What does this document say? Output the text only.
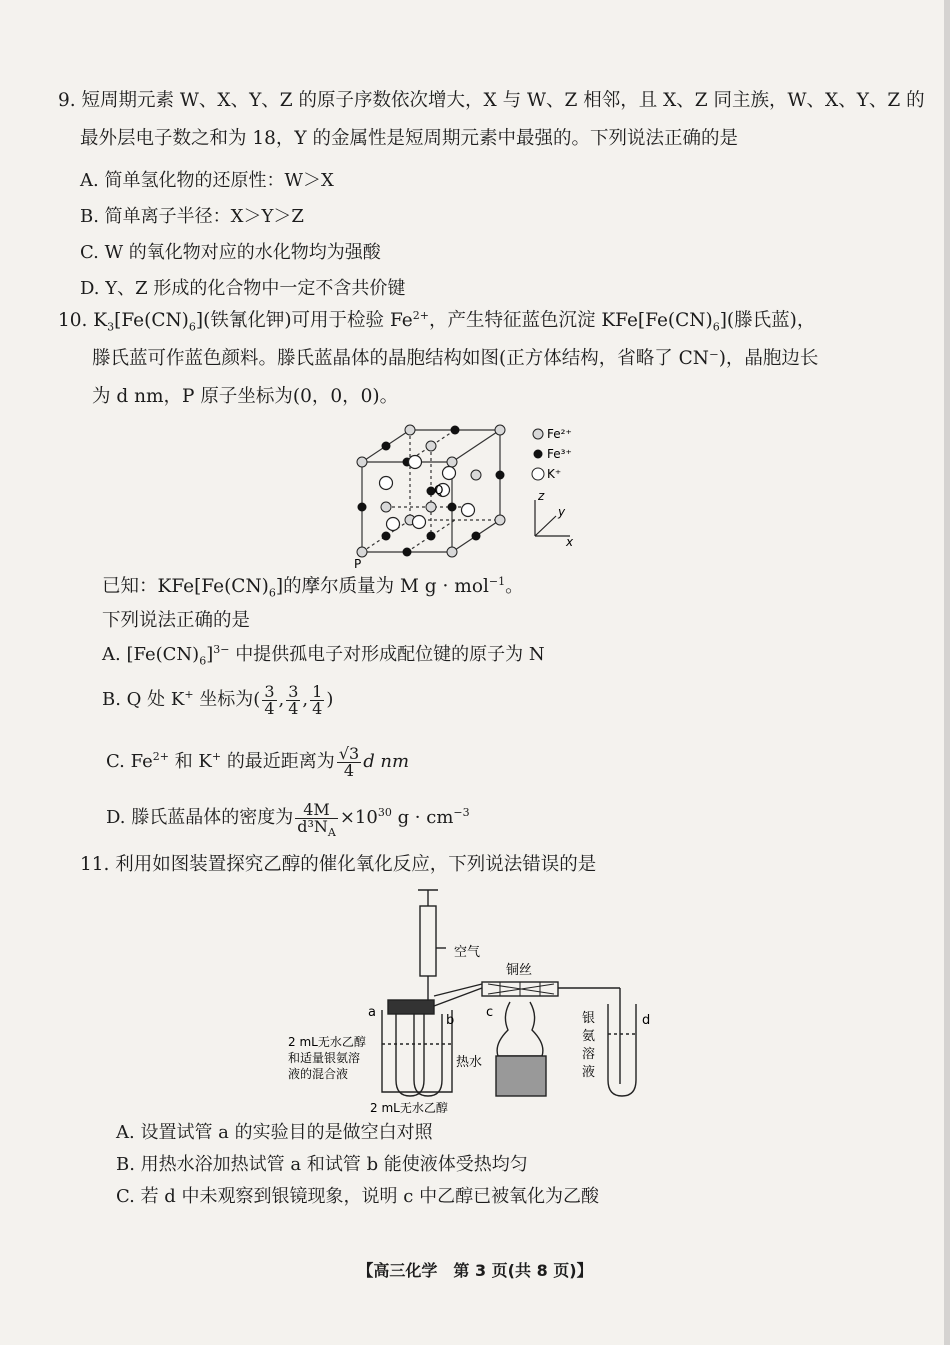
9. 短周期元素 W、X、Y、Z 的原子序数依次增大，X 与 W、Z 相邻，且 X、Z 同主族，W、X、Y、Z 的
最外层电子数之和为 18，Y 的金属性是短周期元素中最强的。下列说法正确的是
A. 简单氢化物的还原性：W＞X
B. 简单离子半径：X＞Y＞Z
C. W 的氧化物对应的水化物均为强酸
D. Y、Z 形成的化合物中一定不含共价键
10. $K_3[Fe(CN)_6]$(铁氰化钾)可用于检验 $Fe^{2+}$，产生特征蓝色沉淀 $KFe[Fe(CN)_6]$(滕氏蓝)，
滕氏蓝可作蓝色颜料。滕氏蓝晶体的晶胞结构如图(正方体结构，省略了 CN⁻)，晶胞边长
为 d nm，P 原子坐标为(0，0，0)。
P
Q
Fe²⁺
Fe³⁺
K⁺
x
z
y
已知：$KFe[Fe(CN)_6]$的摩尔质量为 M g · mol$^{-1}$。
下列说法正确的是
A. $[Fe(CN)_6]^{3-}$ 中提供孤电子对形成配位键的原子为 N
B. Q 处 K+ 坐标为( $\frac{3}{4}$ , $\frac{3}{4}$ , $\frac{1}{4}$ )
C. $Fe^{2+}$ 和 K+ 的最近距离为 $\frac{√3}{4}$ d nm
D. 滕氏蓝晶体的密度为 $\frac{4M}{d^3N_A} \times 10^{30}$ $g \cdot cm^{-3}$
11. 利用如图装置探究乙醇的催化氧化反应，下列说法错误的是
空气
铜丝
a
b
c
d
2 mL无水乙醇
和适量银氨溶
液的混合液
热水
2 mL无水乙醇
银
氨
溶
液
A. 设置试管 a 的实验目的是做空白对照
B. 用热水浴加热试管 a 和试管 b 能使液体受热均匀
C. 若 d 中未观察到银镜现象，说明 c 中乙醇已被氧化为乙酸
【高三化学　第 3 页(共 8 页)】
